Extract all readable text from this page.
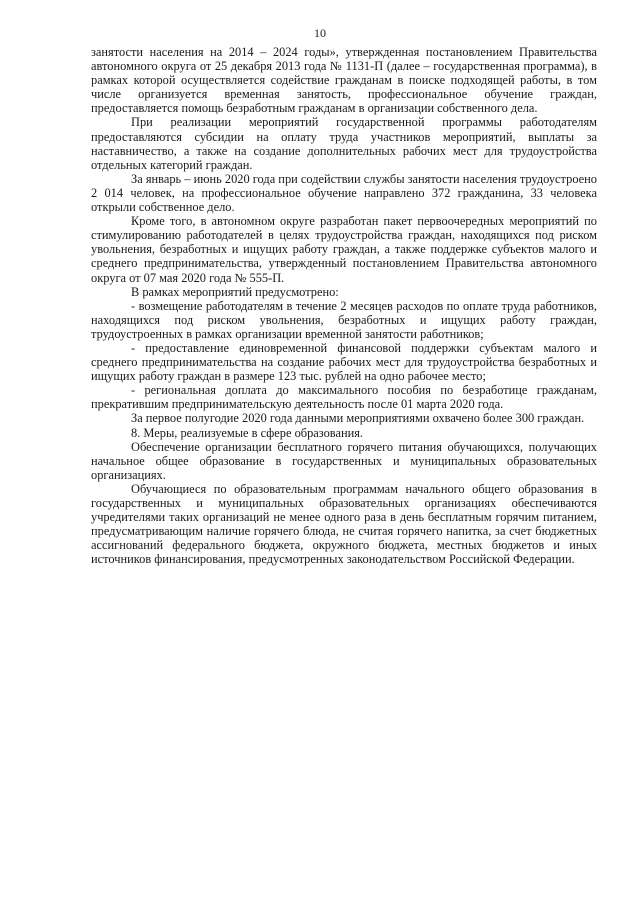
10

занятости населения на 2014 – 2024 годы», утвержденная постановлением Правительства автономного округа от 25 декабря 2013 года № 1131-П (далее – государственная программа), в рамках которой осуществляется содействие гражданам в поиске подходящей работы, в том числе организуется временная занятость, профессиональное обучение граждан, предоставляется помощь безработным гражданам в организации собственного дела.

При реализации мероприятий государственной программы работодателям предоставляются субсидии на оплату труда участников мероприятий, выплаты за наставничество, а также на создание дополнительных рабочих мест для трудоустройства отдельных категорий граждан.

За январь – июнь 2020 года при содействии службы занятости населения трудоустроено 2 014 человек, на профессиональное обучение направлено 372 гражданина, 33 человека открыли собственное дело.

Кроме того, в автономном округе разработан пакет первоочередных мероприятий по стимулированию работодателей в целях трудоустройства граждан, находящихся под риском увольнения, безработных и ищущих работу граждан, а также поддержке субъектов малого и среднего предпринимательства, утвержденный постановлением Правительства автономного округа от 07 мая 2020 года № 555-П.

В рамках мероприятий предусмотрено:

- возмещение работодателям в течение 2 месяцев расходов по оплате труда работников, находящихся под риском увольнения, безработных и ищущих работу граждан, трудоустроенных в рамках организации временной занятости работников;

- предоставление единовременной финансовой поддержки субъектам малого и среднего предпринимательства на создание рабочих мест для трудоустройства безработных и ищущих работу граждан в размере 123 тыс. рублей на одно рабочее место;

- региональная доплата до максимального пособия по безработице гражданам, прекратившим предпринимательскую деятельность после 01 марта 2020 года.

За первое полугодие 2020 года данными мероприятиями охвачено более 300 граждан.

8. Меры, реализуемые в сфере образования.

Обеспечение организации бесплатного горячего питания обучающихся, получающих начальное общее образование в государственных и муниципальных образовательных организациях.

Обучающиеся по образовательным программам начального общего образования в государственных и муниципальных образовательных организациях обеспечиваются учредителями таких организаций не менее одного раза в день бесплатным горячим питанием, предусматривающим наличие горячего блюда, не считая горячего напитка, за счет бюджетных ассигнований федерального бюджета, окружного бюджета, местных бюджетов и иных источников финансирования, предусмотренных законодательством Российской Федерации.
